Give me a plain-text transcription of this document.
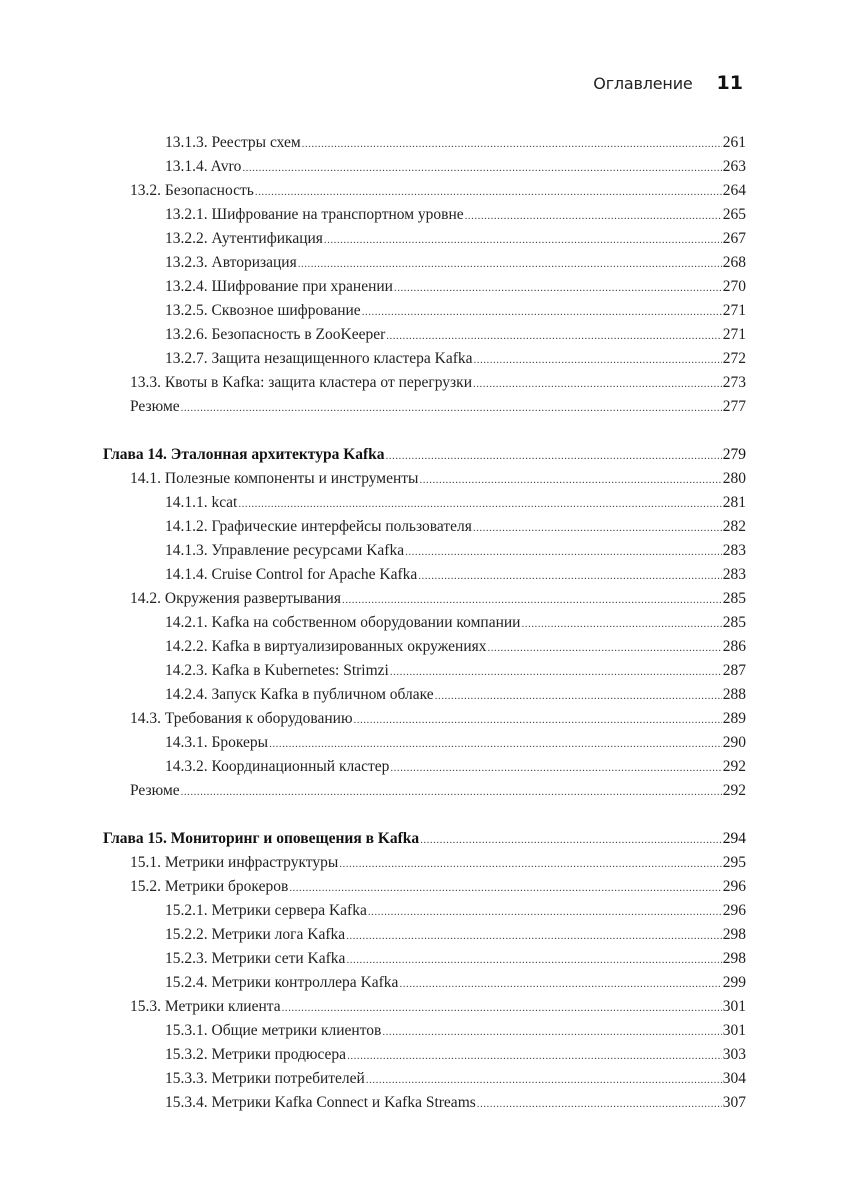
Оглавление 11
13.1.3. Реестры схем .....	261
13.1.4. Avro .....	263
13.2. Безопасность .....	264
13.2.1. Шифрование на транспортном уровне .....	265
13.2.2. Аутентификация .....	267
13.2.3. Авторизация .....	268
13.2.4. Шифрование при хранении .....	270
13.2.5. Сквозное шифрование .....	271
13.2.6. Безопасность в ZooKeeper .....	271
13.2.7. Защита незащищенного кластера Kafka .....	272
13.3. Квоты в Kafka: защита кластера от перегрузки .....	273
Резюме .....	277
Глава 14. Эталонная архитектура Kafka .....	279
14.1. Полезные компоненты и инструменты .....	280
14.1.1. kcat .....	281
14.1.2. Графические интерфейсы пользователя .....	282
14.1.3. Управление ресурсами Kafka .....	283
14.1.4. Cruise Control for Apache Kafka .....	283
14.2. Окружения развертывания .....	285
14.2.1. Kafka на собственном оборудовании компании .....	285
14.2.2. Kafka в виртуализированных окружениях .....	286
14.2.3. Kafka в Kubernetes: Strimzi .....	287
14.2.4. Запуск Kafka в публичном облаке .....	288
14.3. Требования к оборудованию .....	289
14.3.1. Брокеры .....	290
14.3.2. Координационный кластер .....	292
Резюме .....	292
Глава 15. Мониторинг и оповещения в Kafka .....	294
15.1. Метрики инфраструктуры .....	295
15.2. Метрики брокеров .....	296
15.2.1. Метрики сервера Kafka .....	296
15.2.2. Метрики лога Kafka .....	298
15.2.3. Метрики сети Kafka .....	298
15.2.4. Метрики контроллера Kafka .....	299
15.3. Метрики клиента .....	301
15.3.1. Общие метрики клиентов .....	301
15.3.2. Метрики продюсера .....	303
15.3.3. Метрики потребителей .....	304
15.3.4. Метрики Kafka Connect и Kafka Streams .....	307
